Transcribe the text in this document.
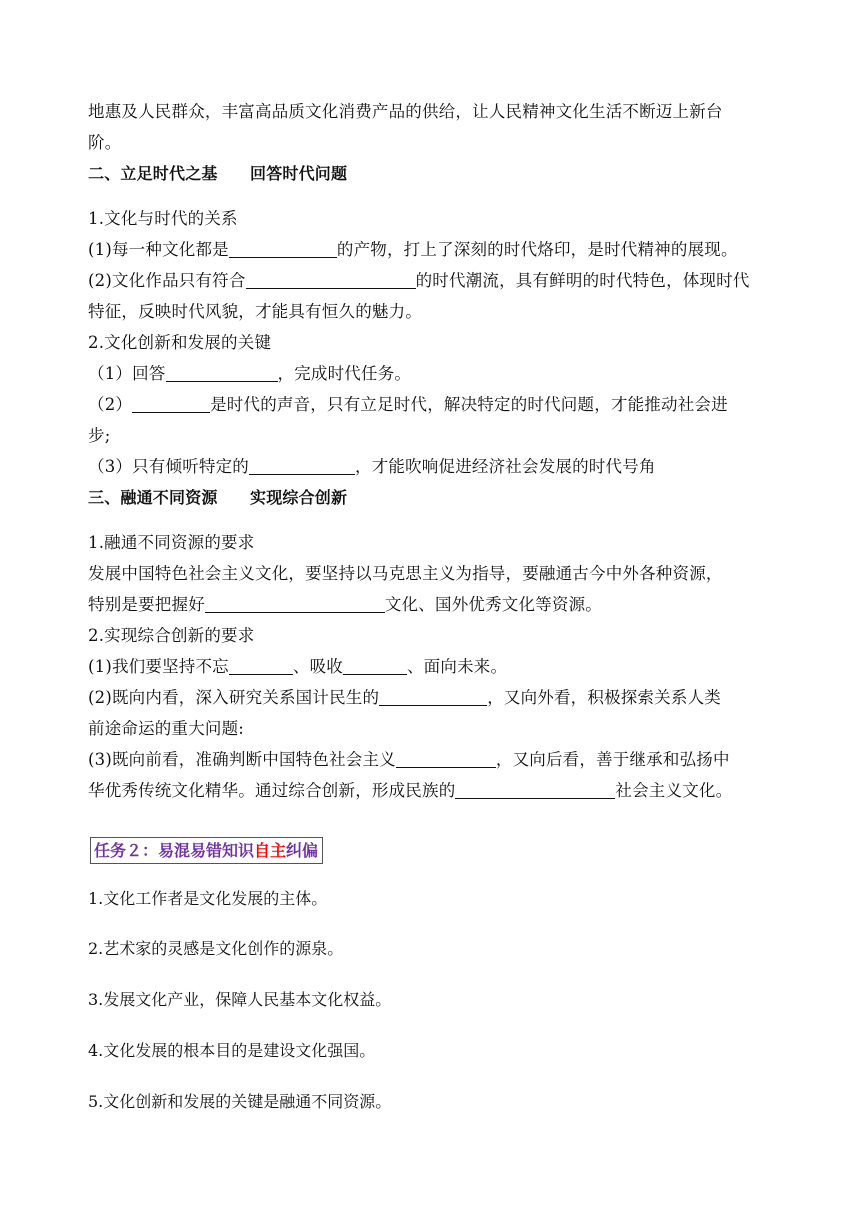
地惠及人民群众，丰富高品质文化消费产品的供给，让人民精神文化生活不断迈上新台
阶。
二、立足时代之基　　回答时代问题
1.文化与时代的关系
(1)每一种文化都是	的产物，打上了深刻的时代烙印，是时代精神的展现。
(2)文化作品只有符合	的时代潮流，具有鲜明的时代特色，体现时代
特征，反映时代风貌，才能具有恒久的魅力。
2.文化创新和发展的关键
（1）回答	，完成时代任务。
（2）	是时代的声音，只有立足时代，解决特定的时代问题，才能推动社会进
步;
（3）只有倾听特定的	，才能吹响促进经济社会发展的时代号角
三、融通不同资源　　实现综合创新
1.融通不同资源的要求
发展中国特色社会主义文化，要坚持以马克思主义为指导，要融通古今中外各种资源，
特别是要把握好	文化、国外优秀文化等资源。
2.实现综合创新的要求
(1)我们要坚持不忘	、吸收	、面向未来。
(2)既向内看，深入研究关系国计民生的	，又向外看，积极探索关系人类
前途命运的重大问题:
(3)既向前看，准确判断中国特色社会主义	，又向后看，善于继承和弘扬中
华优秀传统文化精华。通过综合创新，形成民族的	社会主义文化。
任务２：易混易错知识自主纠偏
1.文化工作者是文化发展的主体。
2.艺术家的灵感是文化创作的源泉。
3.发展文化产业，保障人民基本文化权益。
4.文化发展的根本目的是建设文化强国。
5.文化创新和发展的关键是融通不同资源。
